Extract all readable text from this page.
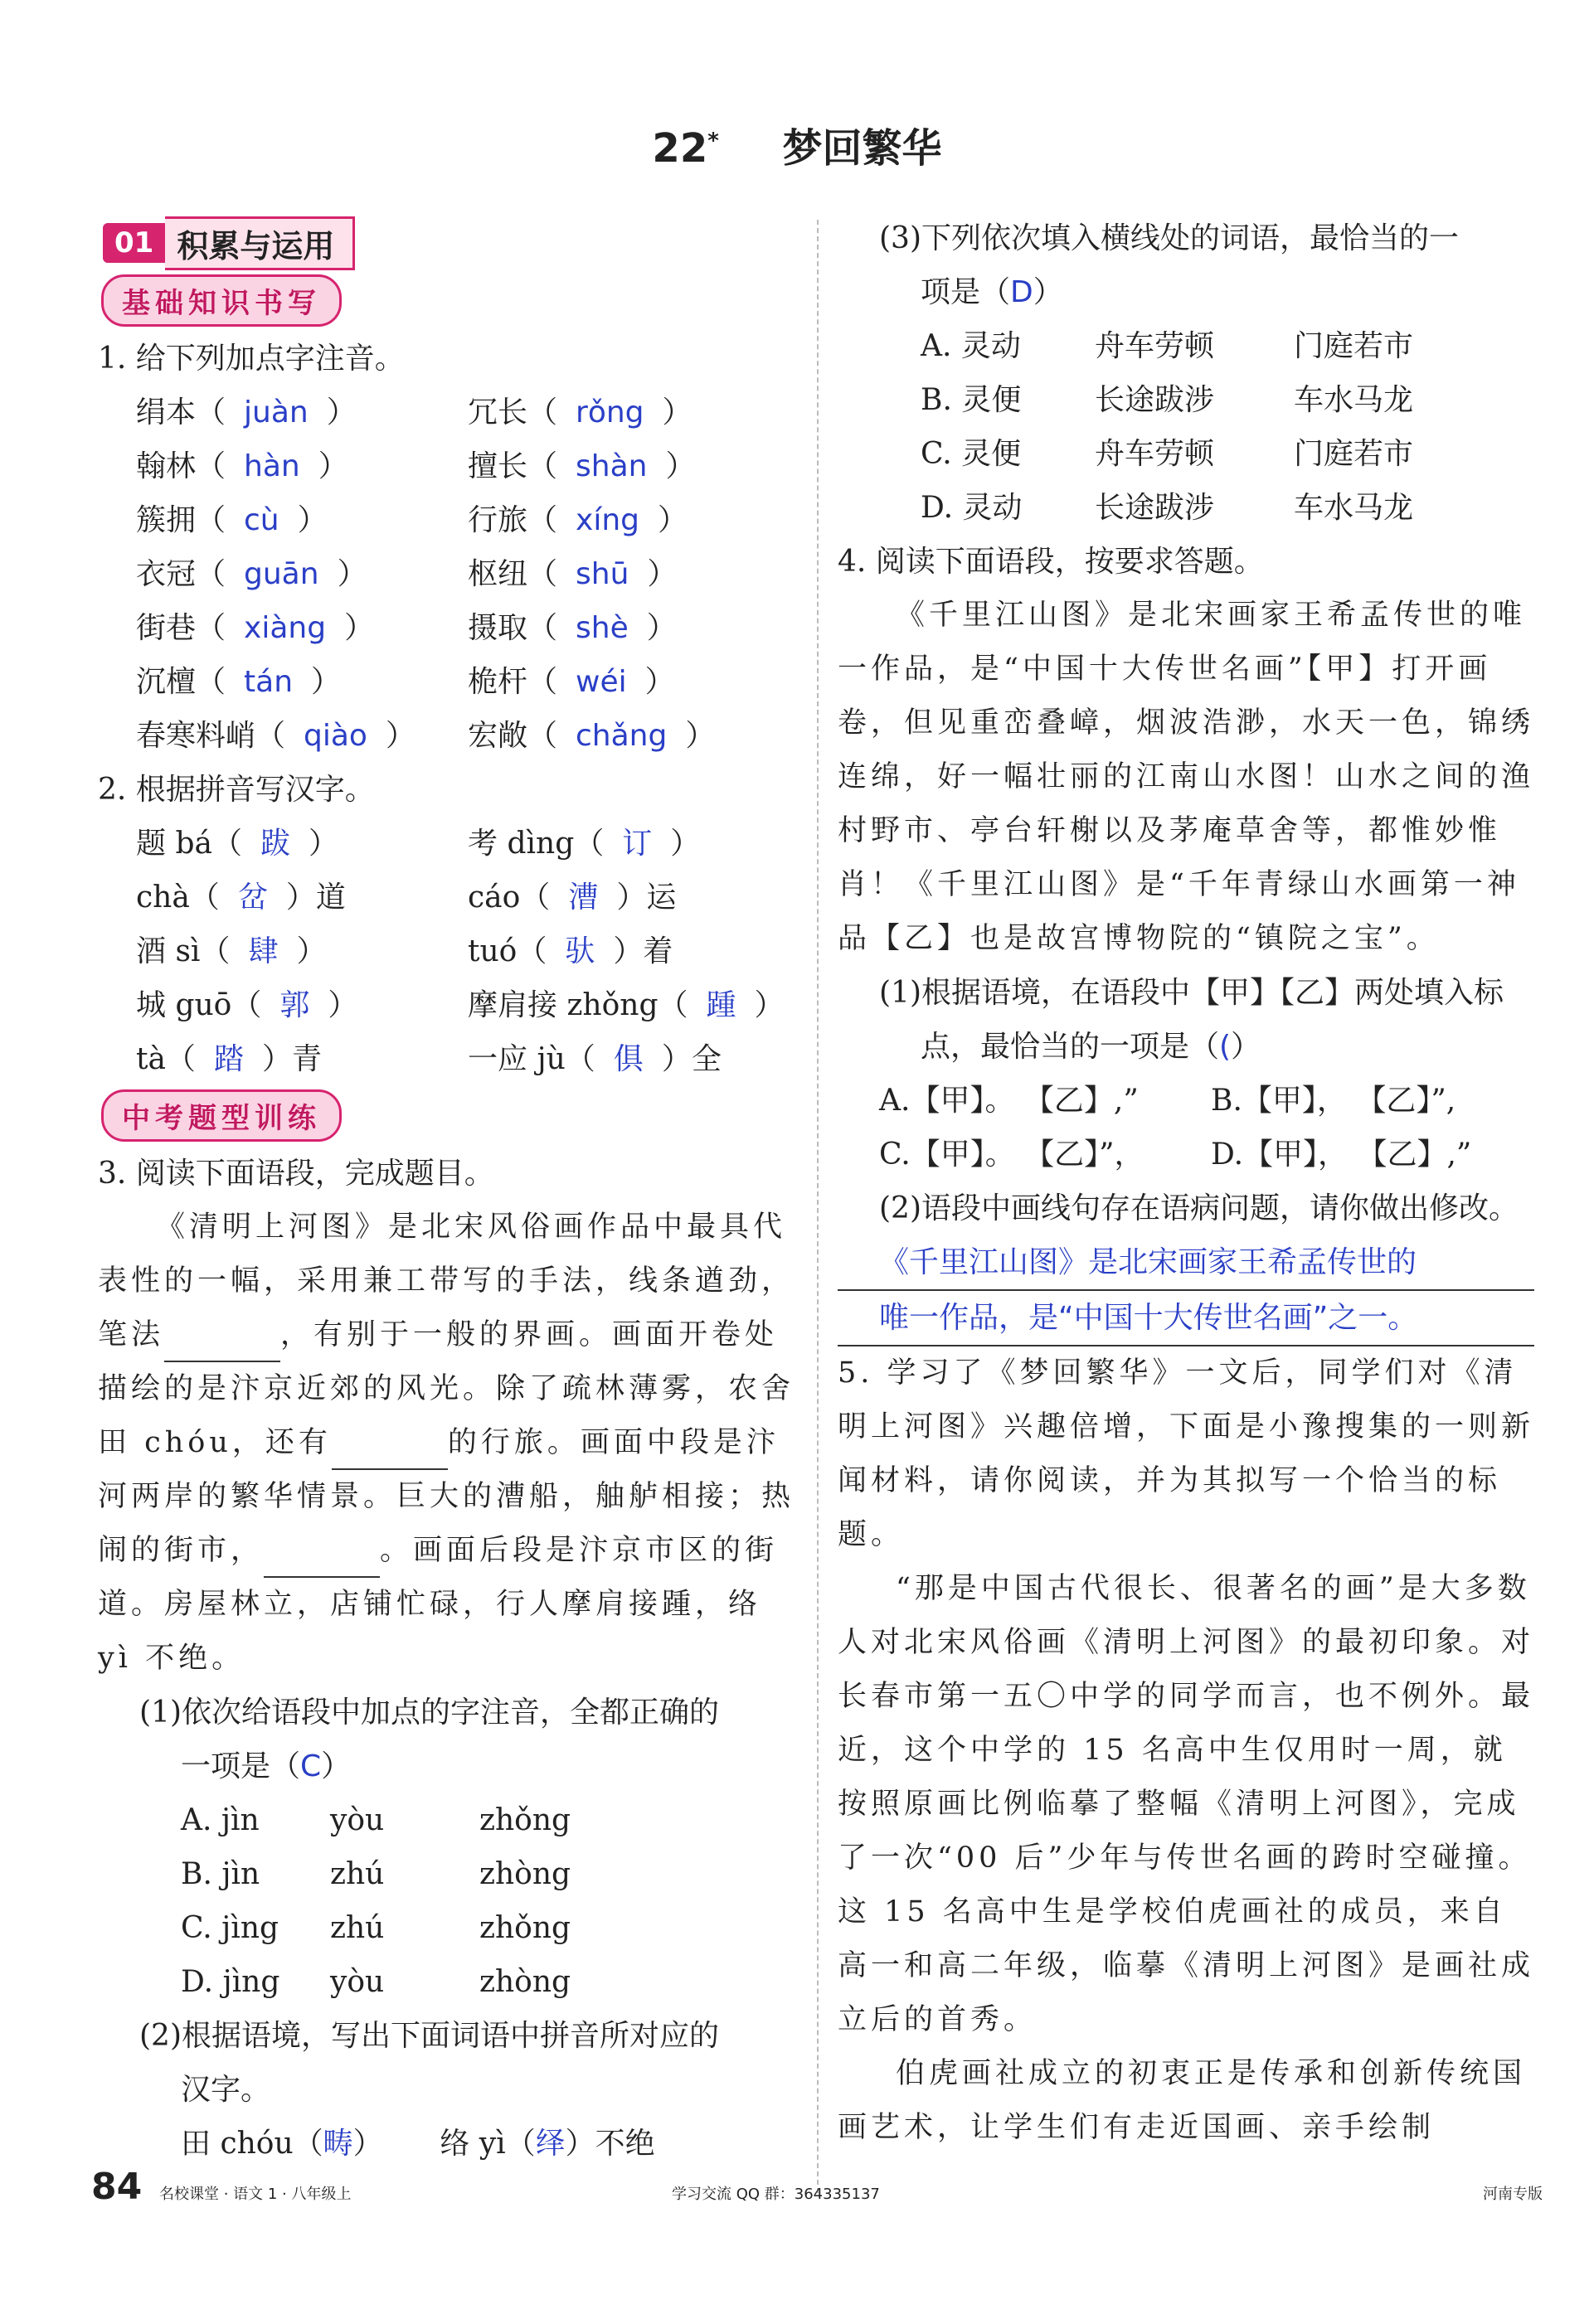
22* 梦回繁华
01 积累与运用

基础知识书写
1. 给下列加点字注音。
绢本（ juàn ）	冗长（ rǒng ）
翰林（ hàn ）	擅长（ shàn ）
簇拥（ cù ）	行旅（ xíng ）
衣冠（ guān ）	枢纽（ shū ）
街巷（ xiàng ）	摄取（ shè ）
沉檀（ tán ）	桅杆（ wéi ）
春寒料峭（ qiào ）	宏敞（ chǎng ）
2. 根据拼音写汉字。
题 bá（ 跋 ）	考 dìng（ 订 ）
chà（ 岔 ）道	cáo（ 漕 ）运
酒 sì（ 肆 ）	tuó（ 驮 ）着
城 guō（ 郭 ）	摩肩接 zhǒng（ 踵 ）
tà（ 踏 ）青	一应 jù（ 俱 ）全
中考题型训练
3. 阅读下面语段，完成题目。
《清明上河图》是北宋风俗画作品中最具代表性的一幅，采用兼工带写的手法，线条遒劲，笔法	，有别于一般的界画。画面开卷处描绘的是汴京近郊的风光。除了疏林薄雾，农舍田 chóu，还有	的行旅。画面中段是汴河两岸的繁华情景。巨大的漕船，舳舻相接；热闹的街市，	。画面后段是汴京市区的街道。房屋林立，店铺忙碌，行人摩肩接踵，络 yì 不绝。
(1)依次给语段中加点的字注音，全都正确的
一项是（C）
A. jìn	yòu	zhǒng
B. jìn	zhú	zhòng
C. jìng	zhú	zhǒng
D. jìng	yòu	zhòng
(2)根据语境，写出下面词语中拼音所对应的
汉字。
田 chóu（畴） 络 yì（绎）不绝
(3)下列依次填入横线处的词语，最恰当的一
项是（D）
A. 灵动	舟车劳顿	门庭若市
B. 灵便	长途跋涉	车水马龙
C. 灵便	舟车劳顿	门庭若市
D. 灵动	长途跋涉	车水马龙
4. 阅读下面语段，按要求答题。
《千里江山图》是北宋画家王希孟传世的唯一作品，是“中国十大传世名画”【甲】打开画卷，但见重峦叠嶂，烟波浩渺，水天一色，锦绣连绵，好一幅壮丽的江南山水图！山水之间的渔村野市、亭台轩榭以及茅庵草舍等，都惟妙惟肖！《千里江山图》是“千年青绿山水画第一神品【乙】也是故宫博物院的“镇院之宝”。
(1)根据语境，在语段中【甲】【乙】两处填入标
点，最恰当的一项是（(）
A.【甲】。 【乙】,”	B.【甲】， 【乙】”,
C.【甲】。 【乙】”，	D.【甲】， 【乙】,”
(2)语段中画线句存在语病问题，请你做出修改。
《千里江山图》是北宋画家王希孟传世的
唯一作品，是“中国十大传世名画”之一。
5. 学习了《梦回繁华》一文后，同学们对《清明上河图》兴趣倍增，下面是小豫搜集的一则新闻材料，请你阅读，并为其拟写一个恰当的标题。
“那是中国古代很长、很著名的画”是大多数人对北宋风俗画《清明上河图》的最初印象。对长春市第一五〇中学的同学而言，也不例外。最近，这个中学的 15 名高中生仅用时一周，就按照原画比例临摹了整幅《清明上河图》，完成了一次“00 后”少年与传世名画的跨时空碰撞。这 15 名高中生是学校伯虎画社的成员，来自高一和高二年级，临摹《清明上河图》是画社成立后的首秀。
伯虎画社成立的初衷正是传承和创新传统国画艺术，让学生们有走近国画、亲手绘制
84 名校课堂 · 语文 1 · 八年级上	学习交流 QQ 群：364335137	河南专版
